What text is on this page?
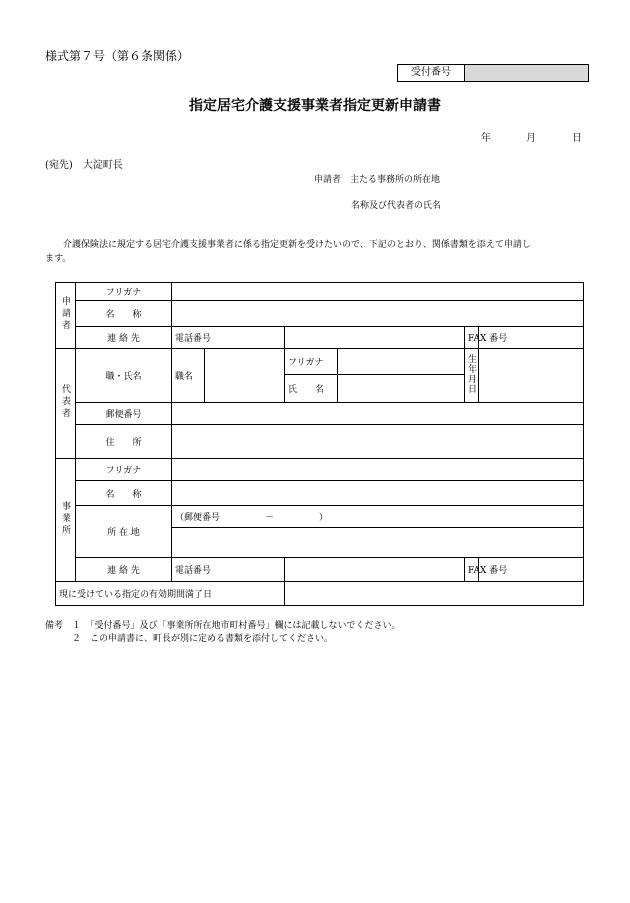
様式第７号（第６条関係）
受付番号
指定居宅介護支援事業者指定更新申請書
年	月	日
(宛先)　大淀町長
申請者　主たる事務所の所在地
名称及び代表者の氏名
介護保険法に規定する居宅介護支援事業者に係る指定更新を受けたいので、下記のとおり、関係書類を添えて申請し
ます。
申請者	フリガナ						
	名　　称						
	連 絡 先	電話番号				FAX 番号	
代表者	職・氏名	職名		フリガナ		生年月日	
				氏　　名			
	郵便番号						
	住　　所						
事業所	フリガナ						
	名　　称						
	所 在 地	（郵便番号　　　　　－　　　　　）					

	連 絡 先	電話番号				FAX 番号	
現に受けている指定の有効期間満了日							
備考　１　「受付番号」及び「事業所所在地市町村番号」欄には記載しないでください。
　　　２　この申請書に、町長が別に定める書類を添付してください。
